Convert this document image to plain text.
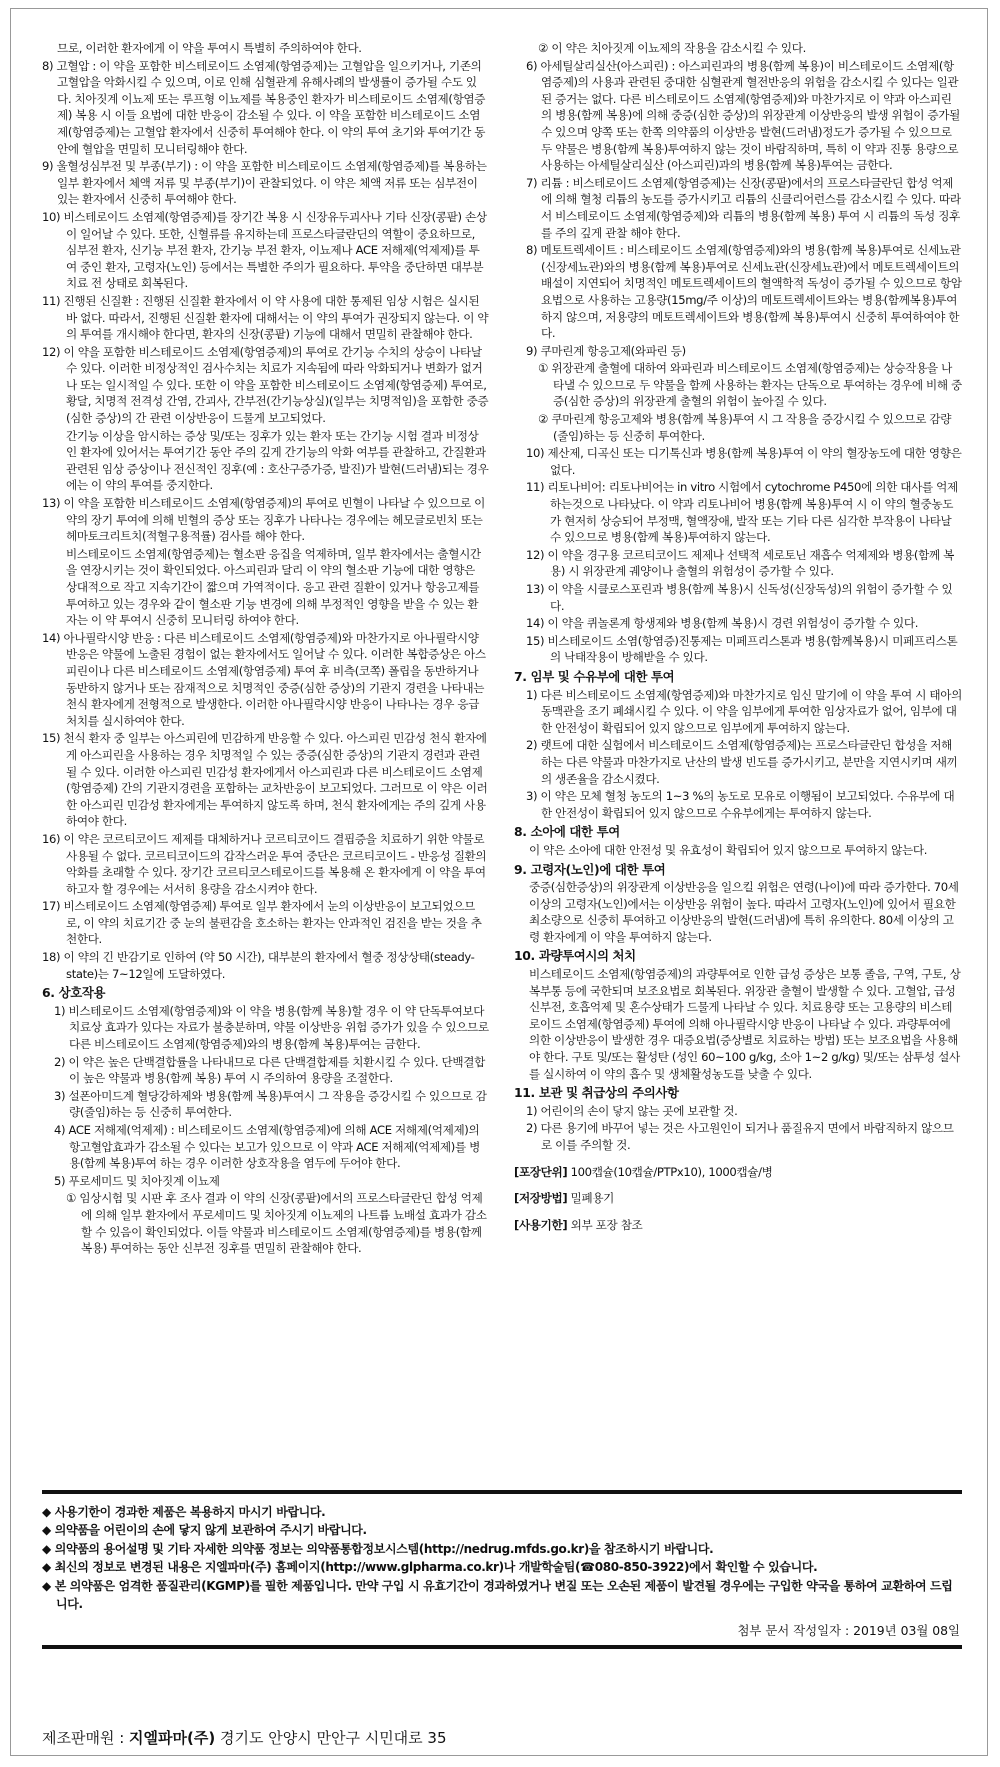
므로, 이러한 환자에게 이 약을 투여시 특별히 주의하여야 한다.
8) 고혈압 : 이 약을 포함한 비스테로이드 소염제(항염증제)는 고혈압을 일으키거나, 기존의 고혈압을 악화시킬 수 있으며, 이로 인해 심혈관계 유해사례의 발생률이 증가될 수도 있다. 치아짓계 이뇨제 또는 루프형 이뇨제를 복용중인 환자가 비스테로이드 소염제(항염증제) 복용 시 이들 요법에 대한 반응이 감소될 수 있다. 이 약을 포함한 비스테로이드 소염제(항염증제)는 고혈압 환자에서 신중히 투여해야 한다. 이 약의 투여 초기와 투여기간 동안에 혈압을 면밀히 모니터링해야 한다.
9) 울혈성심부전 및 부종(부기) : 이 약을 포함한 비스테로이드 소염제(항염증제)를 복용하는 일부 환자에서 체액 저류 및 부종(부기)이 관찰되었다. 이 약은 체액 저류 또는 심부전이 있는 환자에서 신중히 투여해야 한다.
10) 비스테로이드 소염제(항염증제)를 장기간 복용 시 신장유두괴사나 기타 신장(콩팥) 손상이 일어날 수 있다. 또한, 신혈류를 유지하는데 프로스타글란딘의 역할이 중요하므로, 심부전 환자, 신기능 부전 환자, 간기능 부전 환자, 이뇨제나 ACE 저해제(억제제)를 투여 중인 환자, 고령자(노인) 등에서는 특별한 주의가 필요하다. 투약을 중단하면 대부분 치료 전 상태로 회복된다.
11) 진행된 신질환 : 진행된 신질환 환자에서 이 약 사용에 대한 통제된 임상 시험은 실시된 바 없다. 따라서, 진행된 신질환 환자에 대해서는 이 약의 투여가 권장되지 않는다. 이 약의 투여를 개시해야 한다면, 환자의 신장(콩팥) 기능에 대해서 면밀히 관찰해야 한다.
12) 이 약을 포함한 비스테로이드 소염제(항염증제)의 투여로 간기능 수치의 상승이 나타날 수 있다. 이러한 비정상적인 검사수치는 치료가 지속됨에 따라 악화되거나 변화가 없거나 또는 일시적일 수 있다. 또한 이 약을 포함한 비스테로이드 소염제(항염증제) 투여로, 황달, 치명적 전격성 간염, 간괴사, 간부전(간기능상실)(일부는 치명적임)을 포함한 중증(심한 증상)의 간 관련 이상반응이 드물게 보고되었다.
간기능 이상을 암시하는 증상 및/또는 징후가 있는 환자 또는 간기능 시험 결과 비정상인 환자에 있어서는 투여기간 동안 주의 깊게 간기능의 악화 여부를 관찰하고, 간질환과 관련된 임상 증상이나 전신적인 징후(예 : 호산구증가증, 발진)가 발현(드러냄)되는 경우에는 이 약의 투여를 중지한다.
13) 이 약을 포함한 비스테로이드 소염제(항염증제)의 투여로 빈혈이 나타날 수 있으므로 이 약의 장기 투여에 의해 빈혈의 증상 또는 징후가 나타나는 경우에는 헤모글로빈치 또는 헤마토크리트치(적혈구용적률) 검사를 해야 한다.
비스테로이드 소염제(항염증제)는 혈소판 응집을 억제하며, 일부 환자에서는 출혈시간을 연장시키는 것이 확인되었다. 아스피린과 달리 이 약의 혈소판 기능에 대한 영향은 상대적으로 작고 지속기간이 짧으며 가역적이다. 응고 관련 질환이 있거나 항응고제를 투여하고 있는 경우와 같이 혈소판 기능 변경에 의해 부정적인 영향을 받을 수 있는 환자는 이 약 투여시 신중히 모니터링 하여야 한다.
14) 아나필락시양 반응 : 다른 비스테로이드 소염제(항염증제)와 마찬가지로 아나필락시양 반응은 약물에 노출된 경험이 없는 환자에서도 일어날 수 있다. 이러한 복합증상은 아스피린이나 다른 비스테로이드 소염제(항염증제) 투여 후 비측(코쪽) 폴립을 동반하거나 동반하지 않거나 또는 잠재적으로 치명적인 중증(심한 증상)의 기관지 경련을 나타내는 천식 환자에게 전형적으로 발생한다. 이러한 아나필락시양 반응이 나타나는 경우 응급처치를 실시하여야 한다.
15) 천식 환자 중 일부는 아스피린에 민감하게 반응할 수 있다. 아스피린 민감성 천식 환자에게 아스피린을 사용하는 경우 치명적일 수 있는 중증(심한 증상)의 기관지 경련과 관련될 수 있다. 이러한 아스피린 민감성 환자에게서 아스피린과 다른 비스테로이드 소염제(항염증제) 간의 기관지경련을 포함하는 교차반응이 보고되었다. 그러므로 이 약은 이러한 아스피린 민감성 환자에게는 투여하지 않도록 하며, 천식 환자에게는 주의 깊게 사용하여야 한다.
16) 이 약은 코르티코이드 제제를 대체하거나 코르티코이드 결핍증을 치료하기 위한 약물로 사용될 수 없다. 코르티코이드의 갑작스러운 투여 중단은 코르티코이드 - 반응성 질환의 악화를 초래할 수 있다. 장기간 코르티코스테로이드를 복용해 온 환자에게 이 약을 투여하고자 할 경우에는 서서히 용량을 감소시켜야 한다.
17) 비스테로이드 소염제(항염증제) 투여로 일부 환자에서 눈의 이상반응이 보고되었으므로, 이 약의 치료기간 중 눈의 불편감을 호소하는 환자는 안과적인 검진을 받는 것을 추천한다.
18) 이 약의 긴 반감기로 인하여 (약 50 시간), 대부분의 환자에서 혈중 정상상태(steady-state)는 7~12일에 도달하였다.
6. 상호작용
1) 비스테로이드 소염제(항염증제)와 이 약을 병용(함께 복용)할 경우 이 약 단독투여보다 치료상 효과가 있다는 자료가 불충분하며, 약물 이상반응 위험 증가가 있을 수 있으므로 다른 비스테로이드 소염제(항염증제)와의 병용(함께 복용)투여는 금한다.
2) 이 약은 높은 단백결합률을 나타내므로 다른 단백결합제를 치환시킬 수 있다. 단백결합이 높은 약물과 병용(함께 복용) 투여 시 주의하여 용량을 조절한다.
3) 설폰아미드계 혈당강하제와 병용(함께 복용)투여시 그 작용을 증강시킬 수 있으므로 감량(줄임)하는 등 신중히 투여한다.
4) ACE 저해제(억제제) : 비스테로이드 소염제(항염증제)에 의해 ACE 저해제(억제제)의 항고혈압효과가 감소될 수 있다는 보고가 있으므로 이 약과 ACE 저해제(억제제)를 병용(함께 복용)투여 하는 경우 이러한 상호작용을 염두에 두어야 한다.
5) 푸로세미드 및 치아짓계 이뇨제
① 임상시험 및 시판 후 조사 결과 이 약의 신장(콩팥)에서의 프로스타글란딘 합성 억제에 의해 일부 환자에서 푸로세미드 및 치아짓계 이뇨제의 나트륨 뇨배설 효과가 감소할 수 있음이 확인되었다. 이들 약물과 비스테로이드 소염제(항염증제)를 병용(함께 복용) 투여하는 동안 신부전 징후를 면밀히 관찰해야 한다.
② 이 약은 치아짓계 이뇨제의 작용을 감소시킬 수 있다.
6) 아세틸살리실산(아스피린) : 아스피린과의 병용(함께 복용)이 비스테로이드 소염제(항염증제)의 사용과 관련된 중대한 심혈관계 혈전반응의 위험을 감소시킬 수 있다는 일관된 증거는 없다. 다른 비스테로이드 소염제(항염증제)와 마찬가지로 이 약과 아스피린의 병용(함께 복용)에 의해 중증(심한 증상)의 위장관계 이상반응의 발생 위험이 증가될 수 있으며 양쪽 또는 한쪽 의약품의 이상반응 발현(드러냄)정도가 증가될 수 있으므로 두 약물은 병용(함께 복용)투여하지 않는 것이 바람직하며, 특히 이 약과 진통 용량으로 사용하는 아세틸살리실산 (아스피린)과의 병용(함께 복용)투여는 금한다.
7) 리튬 : 비스테로이드 소염제(항염증제)는 신장(콩팥)에서의 프로스타글란딘 합성 억제에 의해 혈청 리튬의 농도를 증가시키고 리튬의 신클리어런스를 감소시킬 수 있다. 따라서 비스테로이드 소염제(항염증제)와 리튬의 병용(함께 복용) 투여 시 리튬의 독성 징후를 주의 깊게 관찰 해야 한다.
8) 메토트렉세이트 : 비스테로이드 소염제(항염증제)와의 병용(함께 복용)투여로 신세뇨관(신장세뇨관)와의 병용(함께 복용)투여로 신세뇨관(신장세뇨관)에서 메토트렉세이트의 배설이 지연되어 치명적인 메토트렉세이트의 혈액학적 독성이 증가될 수 있으므로 항암요법으로 사용하는 고용량(15mg/주 이상)의 메토트렉세이트와는 병용(함께복용)투여하지 않으며, 저용량의 메토트렉세이트와 병용(함께 복용)투여시 신중히 투여하여야 한다.
9) 쿠마린계 항응고제(와파린 등)
① 위장관계 출혈에 대하여 와파린과 비스테로이드 소염제(항염증제)는 상승작용을 나타낼 수 있으므로 두 약물을 함께 사용하는 환자는 단독으로 투여하는 경우에 비해 중증(심한 증상)의 위장관계 출혈의 위험이 높아질 수 있다.
② 쿠마린계 항응고제와 병용(함께 복용)투여 시 그 작용을 증강시킬 수 있으므로 감량(줄임)하는 등 신중히 투여한다.
10) 제산제, 디곡신 또는 디기톡신과 병용(함께 복용)투여 이 약의 혈장농도에 대한 영향은 없다.
11) 리토나비어: 리토나비어는 in vitro 시험에서 cytochrome P450에 의한 대사를 억제하는것으로 나타났다. 이 약과 리토나비어 병용(함께 복용)투여 시 이 약의 혈중농도가 현저히 상승되어 부정맥, 혈액장애, 발작 또는 기타 다른 심각한 부작용이 나타날 수 있으므로 병용(함께 복용)투여하지 않는다.
12) 이 약을 경구용 코르티코이드 제제나 선택적 세로토닌 재흡수 억제제와 병용(함께 복용) 시 위장관계 궤양이나 출혈의 위험성이 증가할 수 있다.
13) 이 약을 시클로스포린과 병용(함께 복용)시 신독성(신장독성)의 위험이 증가할 수 있다.
14) 이 약을 퀴놀론계 항생제와 병용(함께 복용)시 경련 위험성이 증가할 수 있다.
15) 비스테로이드 소염(항염증)진통제는 미페프리스톤과 병용(함께복용)시 미페프리스톤의 낙태작용이 방해받을 수 있다.
7. 임부 및 수유부에 대한 투여
1) 다른 비스테로이드 소염제(항염증제)와 마찬가지로 임신 말기에 이 약을 투여 시 태아의 동맥관을 조기 폐쇄시킬 수 있다. 이 약을 임부에게 투여한 임상자료가 없어, 임부에 대한 안전성이 확립되어 있지 않으므로 임부에게 투여하지 않는다.
2) 랫트에 대한 실험에서 비스테로이드 소염제(항염증제)는 프로스타글란딘 합성을 저해하는 다른 약물과 마찬가지로 난산의 발생 빈도를 증가시키고, 분만을 지연시키며 새끼의 생존율을 감소시켰다.
3) 이 약은 모체 혈청 농도의 1~3 %의 농도로 모유로 이행됨이 보고되었다. 수유부에 대한 안전성이 확립되어 있지 않으므로 수유부에게는 투여하지 않는다.
8. 소아에 대한 투여
이 약은 소아에 대한 안전성 및 유효성이 확립되어 있지 않으므로 투여하지 않는다.
9. 고령자(노인)에 대한 투여
중증(심한증상)의 위장관계 이상반응을 일으킬 위험은 연령(나이)에 따라 증가한다. 70세 이상의 고령자(노인)에서는 이상반응 위험이 높다. 따라서 고령자(노인)에 있어서 필요한 최소량으로 신중히 투여하고 이상반응의 발현(드러냄)에 특히 유의한다. 80세 이상의 고령 환자에게 이 약을 투여하지 않는다.
10. 과량투여시의 처치
비스테로이드 소염제(항염증제)의 과량투여로 인한 급성 증상은 보통 졸음, 구역, 구토, 상복부통 등에 국한되며 보조요법로 회복된다. 위장관 출혈이 발생할 수 있다. 고혈압, 급성 신부전, 호흡억제 및 혼수상태가 드물게 나타날 수 있다. 치료용량 또는 고용량의 비스테로이드 소염제(항염증제) 투여에 의해 아나필락시양 반응이 나타날 수 있다. 과량투여에 의한 이상반응이 발생한 경우 대증요법(증상별로 치료하는 방법) 또는 보조요법을 사용해야 한다. 구토 및/또는 활성탄 (성인 60~100 g/kg, 소아 1~2 g/kg) 및/또는 삼투성 설사를 실시하여 이 약의 흡수 및 생체활성농도를 낮출 수 있다.
11. 보관 및 취급상의 주의사항
1) 어린이의 손이 닿지 않는 곳에 보관할 것.
2) 다른 용기에 바꾸어 넣는 것은 사고원인이 되거나 품질유지 면에서 바람직하지 않으므로 이를 주의할 것.
[포장단위] 100캡슐(10캡슐/PTPx10), 1000캡슐/병
[저장방법] 밀폐용기
[사용기한] 외부 포장 참조
◆ 사용기한이 경과한 제품은 복용하지 마시기 바랍니다.
◆ 의약품을 어린이의 손에 닿지 않게 보관하여 주시기 바랍니다.
◆ 의약품의 용어설명 및 기타 자세한 의약품 정보는 의약품통합정보시스템(http://nedrug.mfds.go.kr)을 참조하시기 바랍니다.
◆ 최신의 정보로 변경된 내용은 지엘파마(주) 홈페이지(http://www.glpharma.co.kr)나 개발학술팀(☎080-850-3922)에서 확인할 수 있습니다.
◆ 본 의약품은 엄격한 품질관리(KGMP)를 필한 제품입니다. 만약 구입 시 유효기간이 경과하였거나 변질 또는 오손된 제품이 발견될 경우에는 구입한 약국을 통하여 교환하여 드립니다.
첨부 문서 작성일자 : 2019년 03월 08일
제조판매원 : 지엘파마(주) 경기도 안양시 만안구 시민대로 35
